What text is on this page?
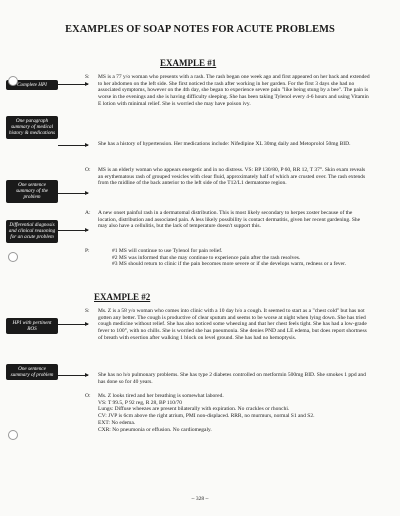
EXAMPLES OF SOAP NOTES FOR ACUTE PROBLEMS
EXAMPLE #1
S: MS is a 77 y/o woman who presents with a rash. The rash began one week ago and first appeared on her back and extended to her abdomen on the left side. She first noticed the rash after working in her garden. For the first 3 days she had no associated symptoms, however on the 4th day, she began to experience severe pain "like being stung by a bee". The pain is worse in the evenings and she is having difficulty sleeping. She has been taking Tylenol every 4-6 hours and using Vitamin E lotion with minimal relief. She is worried she may have poison ivy.
She has a history of hypertension. Her medications include: Nifedipine XL 30mg daily and Metoprolol 50mg BID.
O: MS is an elderly woman who appears energetic and in no distress. VS: BP 130/80, P 60, RR 12, T 37°. Skin exam reveals an erythematous rash of grouped vesicles with clear fluid, approximately half of which are crusted over. The rash extends from the midline of the back anterior to the left side of the T12/L1 dermatome region.
A: A new onset painful rash in a dermatomal distribution. This is most likely secondary to herpes zoster because of the location, distribution and associated pain. A less likely possibility is contact dermatitis, given her recent gardening. She may also have a cellulitis, but the lack of temperature doesn't support this.
P:	#1 MS will continue to use Tylenol for pain relief.
#2 MS was informed that she may continue to experience pain after the rash resolves.
#3 MS should return to clinic if the pain becomes more severe or if she develops warm, redness or a fever.
EXAMPLE #2
S: Ms. Z is a 58 y/o woman who comes into clinic with a 10 day h/o a cough. It seemed to start as a "chest cold" but has not gotten any better. The cough is productive of clear sputum and seems to be worse at night when lying down. She has tried cough medicine without relief. She has also noticed some wheezing and that her chest feels tight. She has had a low-grade fever to 100°, with no chills. She is worried she has pneumonia. She denies PND and LE edema, but does report shortness of breath with exertion after walking 1 block on level ground. She has had no hemoptysis.
She has no h/o pulmonary problems. She has type 2 diabetes controlled on metformin 500mg BID. She smokes 1 ppd and has done so for 40 years.
O: Ms. Z looks tired and her breathing is somewhat labored.
VS: T 99.5, P 92 reg, R 28, BP 110/70
Lungs: Diffuse wheezes are present bilaterally with expiration. No crackles or rhonchi.
CV: JVP is 6cm above the right atrium, PMI non-displaced. RRR, no murmurs, normal S1 and S2.
EXT: No edema.
CXR: No pneumonia or effusion. No cardiomegaly.
Complete HPI
One paragraph summary of medical history & medications
One sentence summary of the problem
Differential diagnosis and clinical reasoning for an acute problem
HPI with pertinent ROS
One sentence summary of problem
~ 328 ~
